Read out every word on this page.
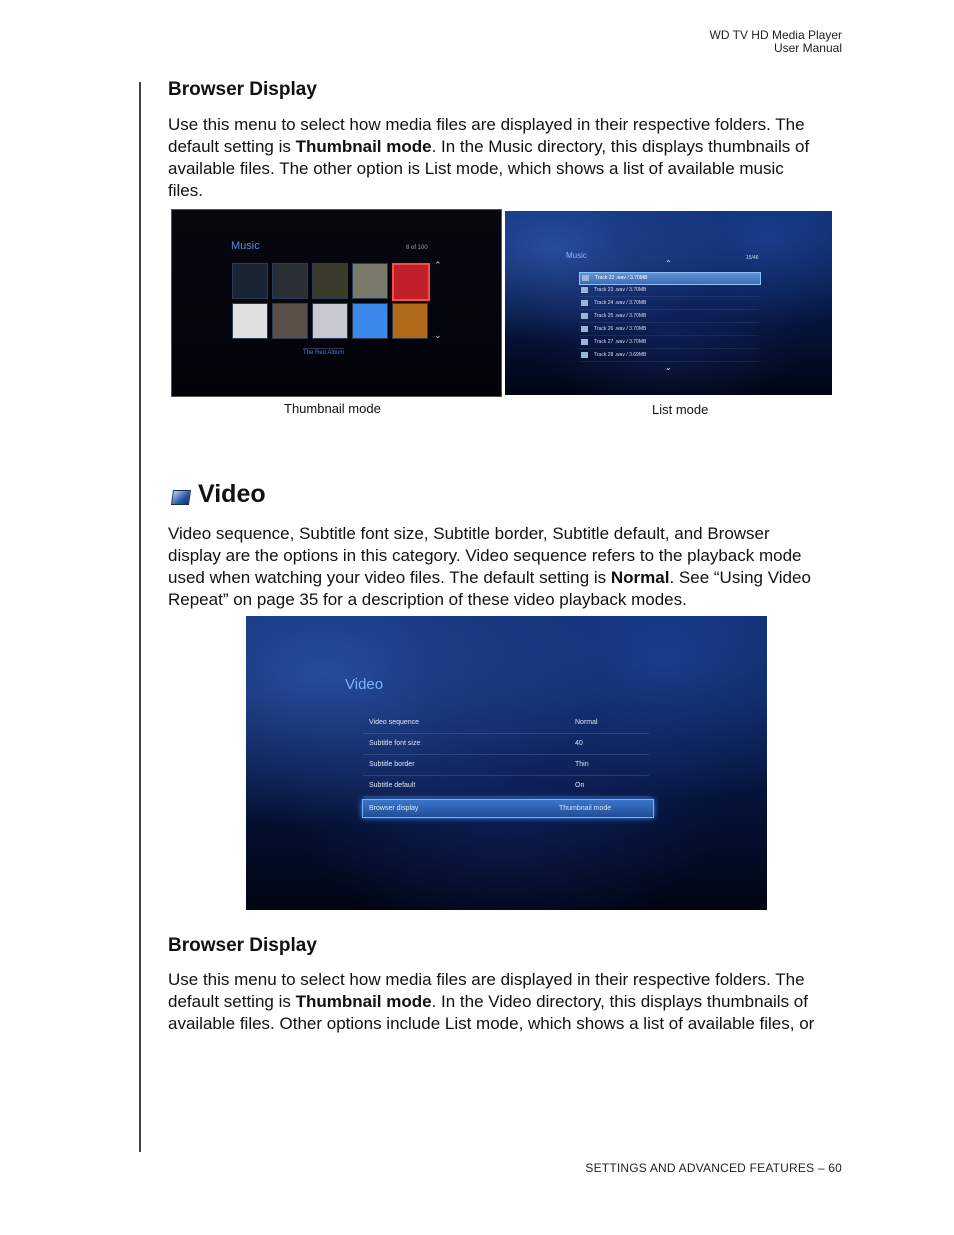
WD TV HD Media Player
User Manual
Browser Display
Use this menu to select how media files are displayed in their respective folders. The
default setting is Thumbnail mode. In the Music directory, this displays thumbnails of
available files. The other option is List mode, which shows a list of available music
files.
Music	8 of 100
⌃
⌄
The Red Album
Music	15/46
⌃
Track 22 .wav / 3.70MB
Track 23 .wav / 3.70MB
Track 24 .wav / 3.70MB
Track 25 .wav / 3.70MB
Track 26 .wav / 3.70MB
Track 27 .wav / 3.70MB
Track 28 .wav / 3.69MB
⌄
Thumbnail mode	List mode
Video
Video sequence, Subtitle font size, Subtitle border, Subtitle default, and Browser
display are the options in this category. Video sequence refers to the playback mode
used when watching your video files. The default setting is Normal. See “Using Video
Repeat” on page 35 for a description of these video playback modes.
Video
Video sequence	Normal
Subtitle font size	40
Subtitle border	Thin
Subtitle default	On
Browser display	Thumbnail mode
Browser Display
Use this menu to select how media files are displayed in their respective folders. The
default setting is Thumbnail mode. In the Video directory, this displays thumbnails of
available files. Other options include List mode, which shows a list of available files, or
SETTINGS AND ADVANCED FEATURES – 60
